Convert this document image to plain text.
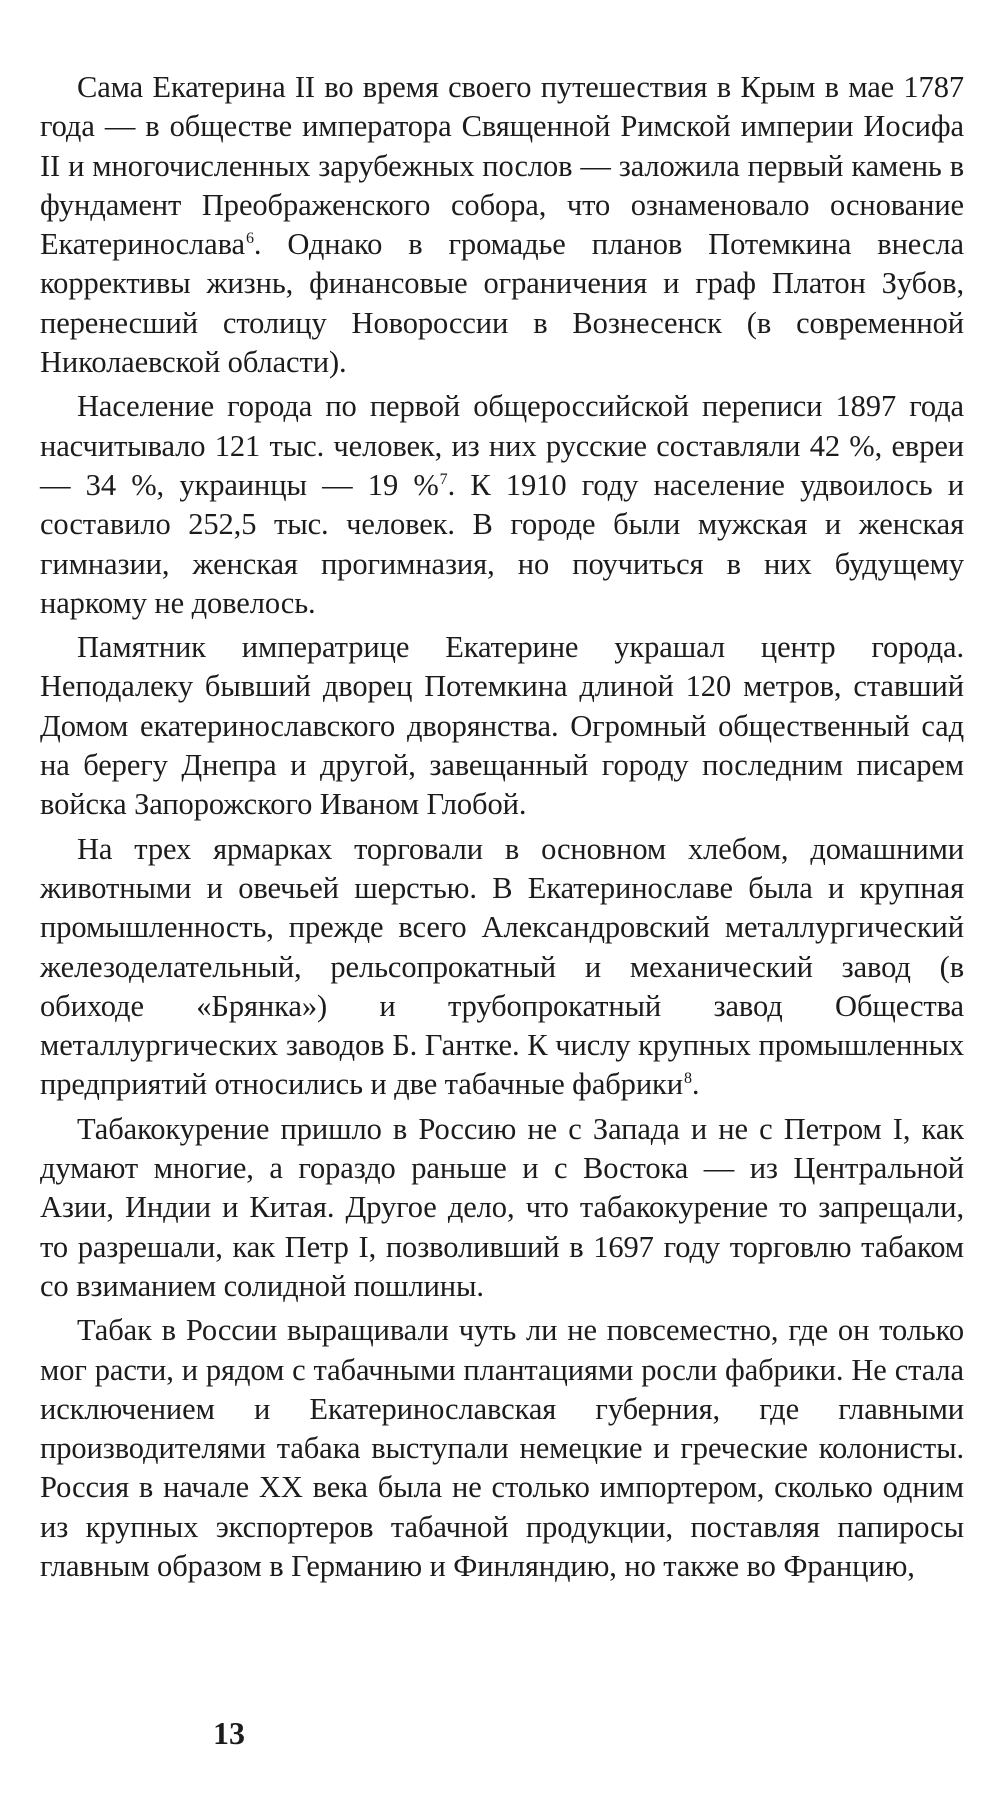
Сама Екатерина II во время своего путешествия в Крым в мае 1787 года — в обществе императора Священной Римской империи Иосифа II и многочисленных зарубежных послов — заложила первый камень в фундамент Преображенского собора, что ознаменовало основание Екатеринослава$^6$. Однако в громадье планов Потемкина внесла коррективы жизнь, финансовые ограничения и граф Платон Зубов, перенесший столицу Новороссии в Вознесенск (в современной Николаевской области).

Население города по первой общероссийской переписи 1897 года насчитывало 121 тыс. человек, из них русские составляли 42 %, евреи — 34 %, украинцы — 19 %$^7$. К 1910 году население удвоилось и составило 252,5 тыс. человек. В городе были мужская и женская гимназии, женская прогимназия, но поучиться в них будущему наркому не довелось.

Памятник императрице Екатерине украшал центр города. Неподалеку бывший дворец Потемкина длиной 120 метров, ставший Домом екатеринославского дворянства. Огромный общественный сад на берегу Днепра и другой, завещанный городу последним писарем войска Запорожского Иваном Глобой.

На трех ярмарках торговали в основном хлебом, домашними животными и овечьей шерстью. В Екатеринославе была и крупная промышленность, прежде всего Александровский металлургический железоделательный, рельсопрокатный и механический завод (в обиходе «Брянка») и трубопрокатный завод Общества металлургических заводов Б. Гантке. К числу крупных промышленных предприятий относились и две табачные фабрики$^8$.

Табакокурение пришло в Россию не с Запада и не с Петром I, как думают многие, а гораздо раньше и с Востока — из Центральной Азии, Индии и Китая. Другое дело, что табакокурение то запрещали, то разрешали, как Петр I, позволивший в 1697 году торговлю табаком со взиманием солидной пошлины.

Табак в России выращивали чуть ли не повсеместно, где он только мог расти, и рядом с табачными плантациями росли фабрики. Не стала исключением и Екатеринославская губерния, где главными производителями табака выступали немецкие и греческие колонисты. Россия в начале XX века была не столько импортером, сколько одним из крупных экспортеров табачной продукции, поставляя папиросы главным образом в Германию и Финляндию, но также во Францию,

13
